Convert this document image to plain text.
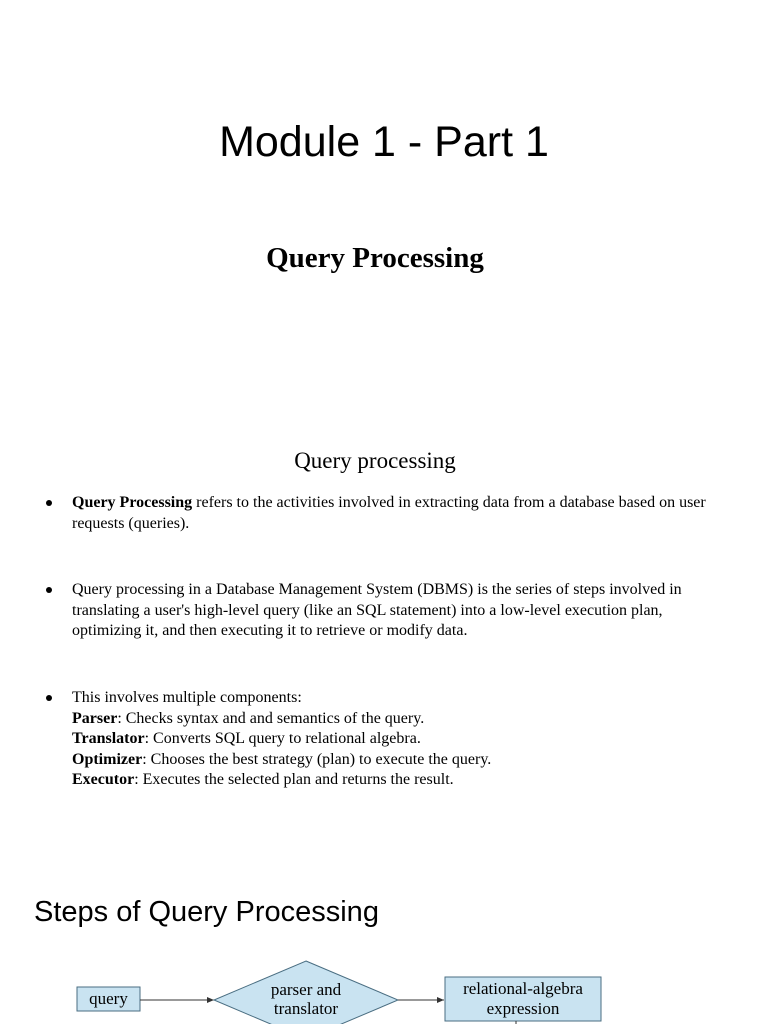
Module 1 - Part 1
Query Processing
Query processing
Query Processing refers to the activities involved in extracting data from a database based on user requests (queries).
Query processing in a Database Management System (DBMS) is the series of steps involved in translating a user's high-level query (like an SQL statement) into a low-level execution plan, optimizing it, and then executing it to retrieve or modify data.
This involves multiple components:
Parser: Checks syntax and and semantics of the query.
Translator: Converts SQL query to relational algebra.
Optimizer: Chooses the best strategy (plan) to execute the query.
Executor: Executes the selected plan and returns the result.
Steps of Query Processing
query	parser and
translator
relational-algebra
expression
